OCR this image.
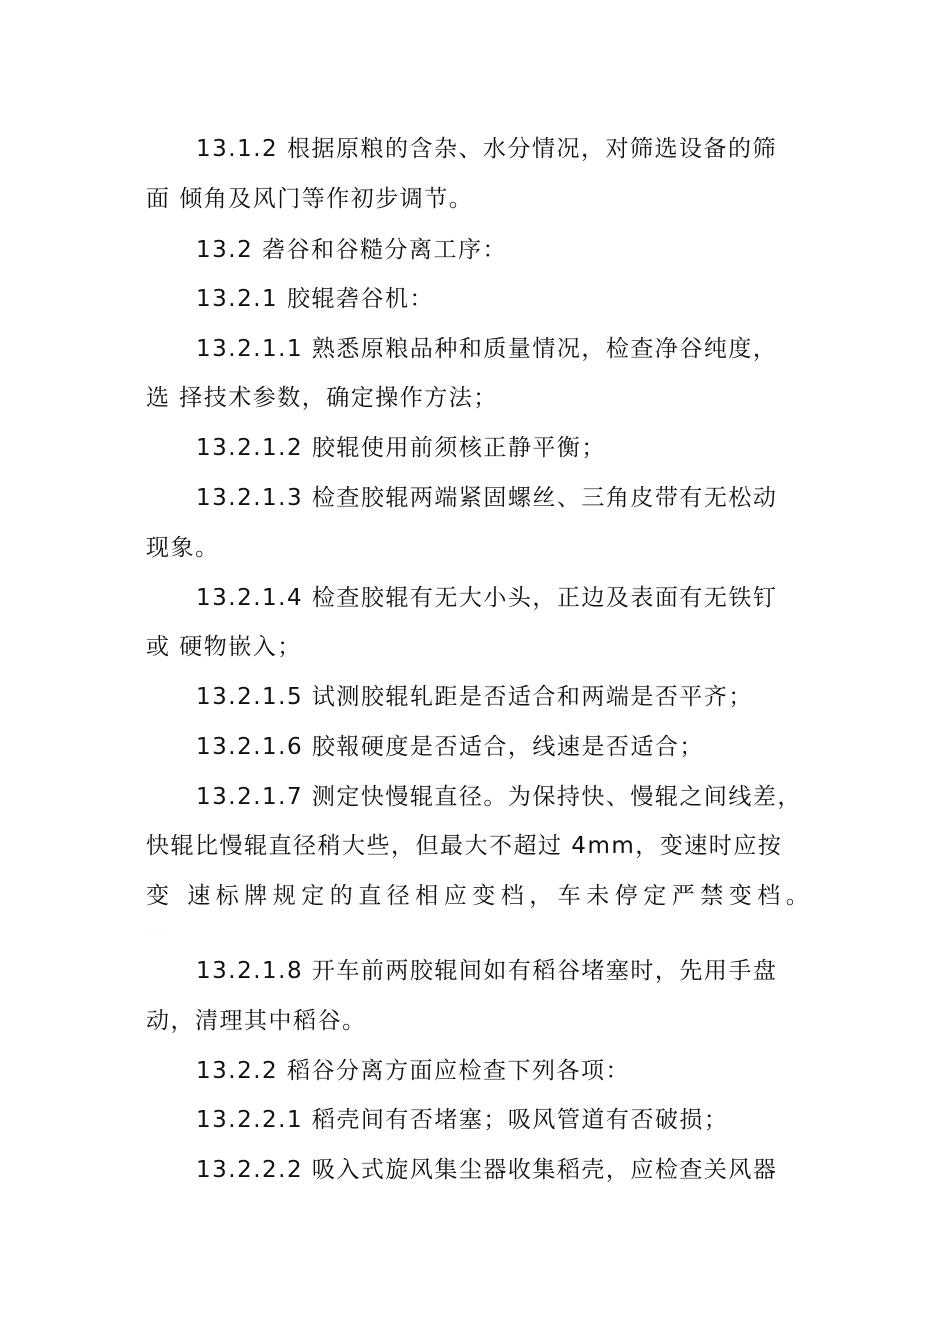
13.1.2 根据原粮的含杂、水分情况，对筛选设备的筛
面 倾角及风门等作初步调节。
13.2 砻谷和谷糙分离工序：
13.2.1 胶辊砻谷机：
13.2.1.1 熟悉原粮品种和质量情况，检查净谷纯度，
选 择技术参数，确定操作方法；
13.2.1.2 胶辊使用前须核正静平衡；
13.2.1.3 检查胶辊两端紧固螺丝、三角皮带有无松动
现象。
13.2.1.4 检查胶辊有无大小头，正边及表面有无铁钉
或 硬物嵌入；
13.2.1.5 试测胶辊轧距是否适合和两端是否平齐；
13.2.1.6 胶報硬度是否适合，线速是否适合；
13.2.1.7 测定快慢辊直径。为保持快、慢辊之间线差，
快辊比慢辊直径稍大些，但最大不超过 4mm，变速时应按
变 速标牌规定的直径相应变档，车未停定严禁变档。
......
13.2.1.8 开车前两胶辊间如有稻谷堵塞时，先用手盘
动，清理其中稻谷。
13.2.2 稻谷分离方面应检查下列各项：
13.2.2.1 稻壳间有否堵塞；吸风管道有否破损；
13.2.2.2 吸入式旋风集尘器收集稻壳，应检查关风器
